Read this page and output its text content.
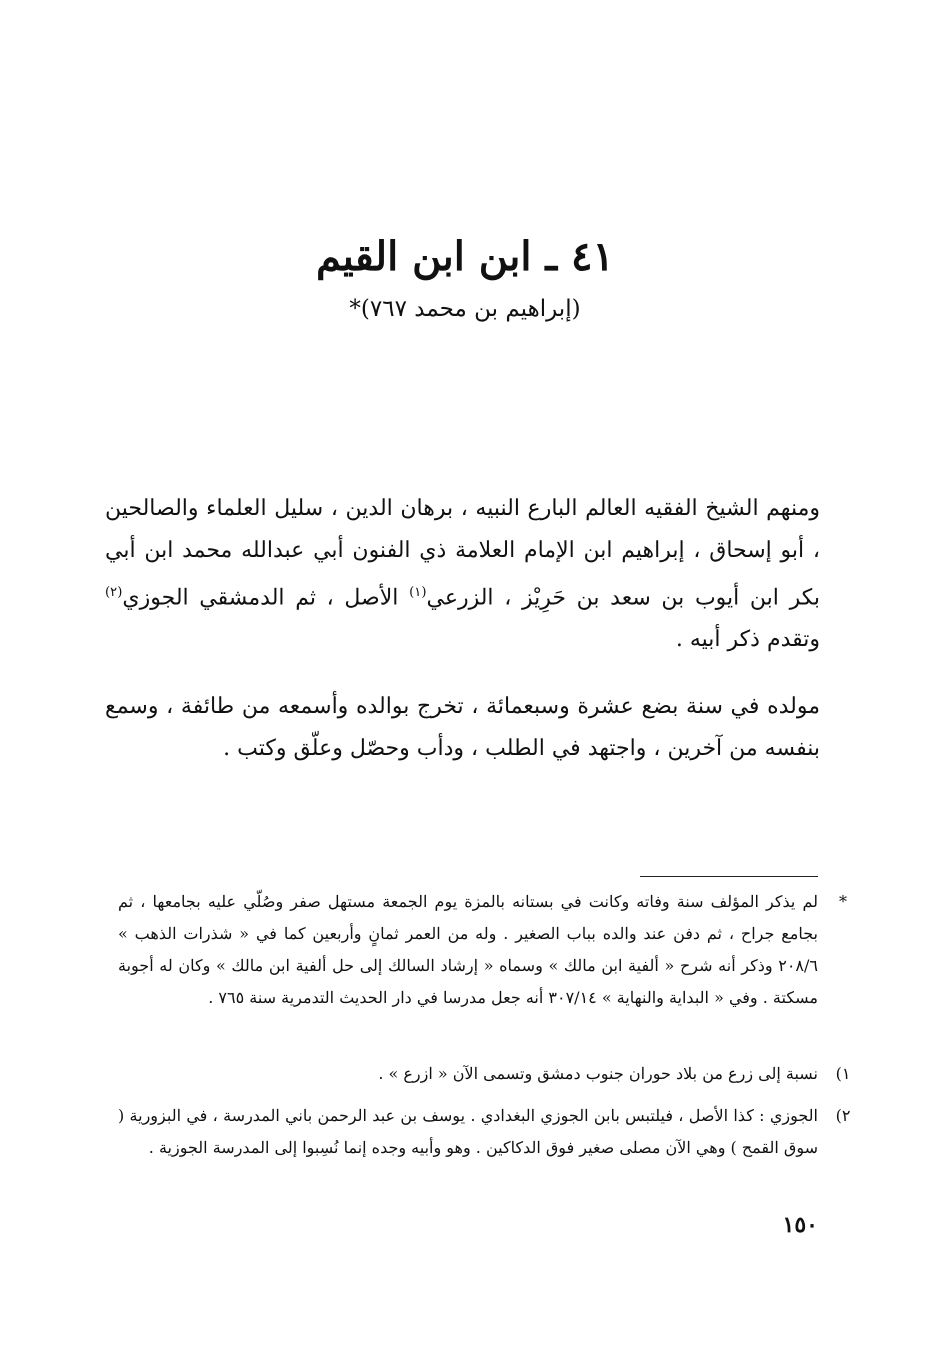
٤١ ـ ابن ابن القيم
(إبراهيم بن محمد ٧٦٧)*

ومنهم الشيخ الفقيه العالم البارع النبيه ، برهان الدين ، سليل العلماء والصالحين ، أبو إسحاق ، إبراهيم ابن الإمام العلامة ذي الفنون أبي عبدالله محمد ابن أبي بكر ابن أيوب بن سعد بن حَرِيْز ، الزرعي$^{(١)}$ الأصل ، ثم الدمشقي الجوزي$^{(٢)}$ وتقدم ذكر أبيه .

مولده في سنة بضع عشرة وسبعمائة ، تخرج بوالده وأسمعه من طائفة ، وسمع بنفسه من آخرين ، واجتهد في الطلب ، ودأب وحصّل وعلّق وكتب .

*
لم يذكر المؤلف سنة وفاته وكانت في بستانه بالمزة يوم الجمعة مستهل صفر وصُلّي عليه بجامعها ، ثم بجامع جراح ، ثم دفن عند والده بباب الصغير . وله من العمر ثمانٍ وأربعين كما في « شذرات الذهب » ٢٠٨/٦ وذكر أنه شرح « ألفية ابن مالك » وسماه « إرشاد السالك إلى حل ألفية ابن مالك » وكان له أجوبة مسكتة . وفي « البداية والنهاية » ٣٠٧/١٤ أنه جعل مدرسا في دار الحديث التدمرية سنة ٧٦٥ .
١)
نسبة إلى زرع من بلاد حوران جنوب دمشق وتسمى الآن « ازرع » .
٢)
الجوزي : كذا الأصل ، فيلتبس بابن الجوزي البغدادي . يوسف بن عبد الرحمن باني المدرسة ، في البزورية ( سوق القمح ) وهي الآن مصلى صغير فوق الدكاكين . وهو وأبيه وجده إنما نُسِبوا إلى المدرسة الجوزية .
١٥٠
